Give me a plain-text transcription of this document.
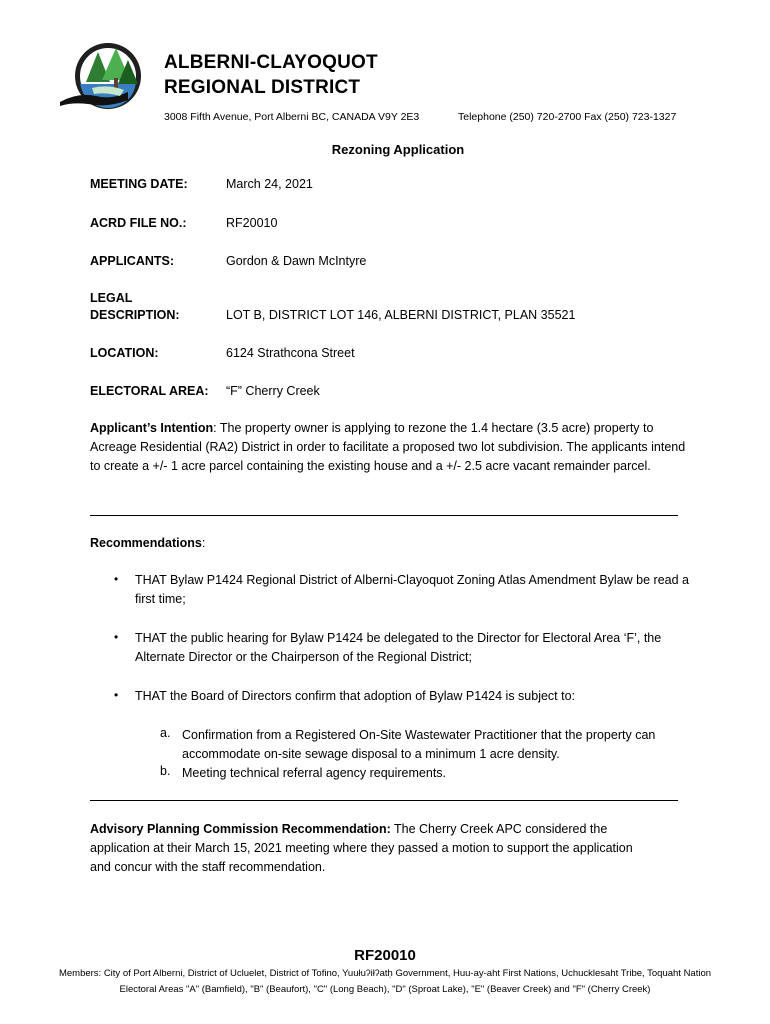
ALBERNI-CLAYOQUOT
REGIONAL DISTRICT
3008 Fifth Avenue, Port Alberni BC, CANADA V9Y 2E3	Telephone (250) 720-2700 Fax (250) 723-1327
Rezoning Application
MEETING DATE:	March 24, 2021
ACRD FILE NO.:	RF20010
APPLICANTS:	Gordon & Dawn McIntyre
LEGAL
DESCRIPTION:	LOT B, DISTRICT LOT 146, ALBERNI DISTRICT, PLAN 35521
LOCATION:	6124 Strathcona Street
ELECTORAL AREA: “F” Cherry Creek
Applicant’s Intention: The property owner is applying to rezone the 1.4 hectare (3.5 acre) property to Acreage Residential (RA2) District in order to facilitate a proposed two lot subdivision. The applicants intend to create a +/- 1 acre parcel containing the existing house and a +/- 2.5 acre vacant remainder parcel.
Recommendations:
• THAT Bylaw P1424 Regional District of Alberni-Clayoquot Zoning Atlas Amendment Bylaw be read a first time;
• THAT the public hearing for Bylaw P1424 be delegated to the Director for Electoral Area ‘F’, the Alternate Director or the Chairperson of the Regional District;
• THAT the Board of Directors confirm that adoption of Bylaw P1424 is subject to:
a. Confirmation from a Registered On-Site Wastewater Practitioner that the property can accommodate on-site sewage disposal to a minimum 1 acre density.
b. Meeting technical referral agency requirements.
Advisory Planning Commission Recommendation: The Cherry Creek APC considered the application at their March 15, 2021 meeting where they passed a motion to support the application and concur with the staff recommendation.
RF20010
Members: City of Port Alberni, District of Ucluelet, District of Tofino, Yuułuʔiłʔatḥ Government, Huu-ay-aht First Nations, Uchucklesaht Tribe, Toquaht Nation
Electoral Areas "A" (Bamfield), "B" (Beaufort), "C" (Long Beach), "D" (Sproat Lake), "E" (Beaver Creek) and "F" (Cherry Creek)
